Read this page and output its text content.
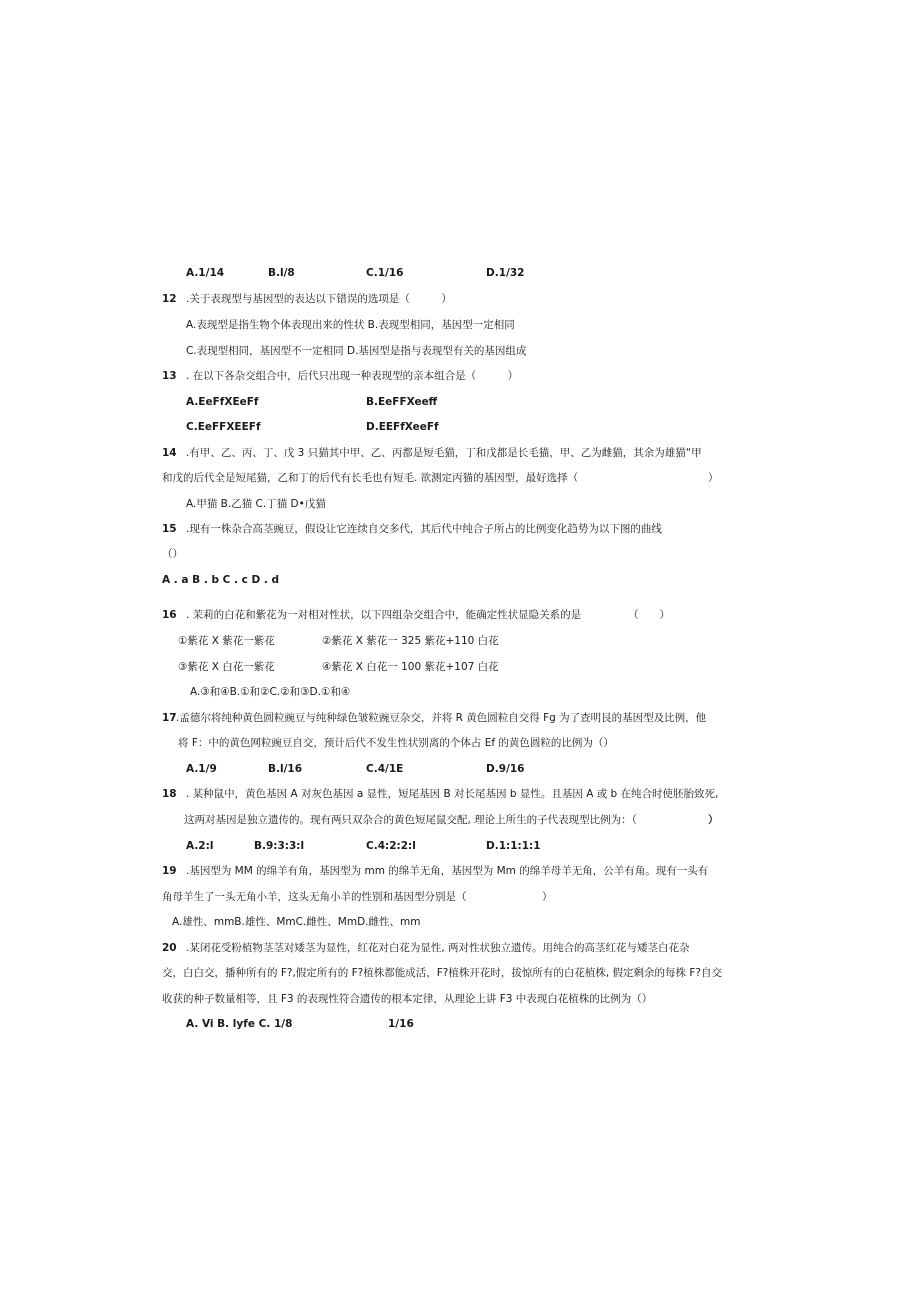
A.1/14	B.l/8	C.1/16	D.1/32
12 .关于表现型与基因型的表达以下错误的选项是（　　　）
A.表现型是指生物个体表现出来的性状 B.表现型相同，基因型一定相同
C.表现型相同，基因型不一定相同 D.基因型是指与表现型有关的基因组成
13 . 在以下各杂交组合中，后代只出现一种表现型的亲本组合是（　　　）
A.EeFfXEeFf	B.EeFFXeeff
C.EeFFXEEFf	D.EEFfXeeFf
14 .有甲、乙、丙、丁、戊 3 只猫其中甲、乙、丙都是短毛猫，丁和戊都是长毛猫，甲、乙为雌猫，其余为雄猫“甲
和戊的后代全是短尾猫，乙和丁的后代有长毛也有短毛. 欲测定丙猫的基因型，最好选择（	）
A.甲猫 B.乙猫 C.丁猫 D•戊猫
15 .现有一株杂合高茎豌豆，假设让它连续自交多代，其后代中纯合子所占的比例变化趋势为以下图的曲线
（）
A . a B . b C . c D . d
16 . 茉莉的白花和紫花为一对相对性状，以下四组杂交组合中，能确定性状显隐关系的是	（　　）
①紫花 X 紫花一紫花	②紫花 X 紫花一 325 紫花+110 白花
③紫花 X 白花一紫花	④紫花 X 白花一 100 紫花+107 白花
A.③和④B.①和②C.②和③D.①和④
17 .孟德尔将纯种黄色圆粒豌豆与纯种绿色皱粒豌豆杂交，并将 R 黄色圆粒自交得 Fg 为了查明艮的基因型及比例，他
将 F：中的黄色网粒豌豆自交，预计后代不发生性状别离的个体占 Ef 的黄色圆粒的比例为（）
A.1/9	B.l/16	C.4/1E	D.9/16
18 . 某种鼠中，黄色基因 A 对灰色基因 a 显性，短尾基因 B 对长尾基因 b 显性。且基因 A 或 b 在纯合时使胚胎致死,
这两对基因是独立遗传的。现有两只双杂合的黄色短尾鼠交配, 理论上所生的子代表现型比例为：（	）
A.2:l	B.9:3:3:l	C.4:2:2:l	D.1:1:1:1
19 .基因型为 MM 的绵羊有角，基因型为 mm 的绵羊无角，基因型为 Mm 的绵羊母羊无角，公羊有角。现有一头有
角母羊生了一头无角小羊，这头无角小羊的性别和基因型分别是（	）
A.雄性、mmB.雄性、MmC.雌性、MmD.雌性、mm
20 .某闭花受粉植物茎茎对矮茎为显性，红花对白花为显性, 两对性状独立遗传。用纯合的高茎红花与矮茎白花杂
交，白白交，播种所有的 F?,假定所有的 F?植株都能成活，F?植株开花时，拔惊所有的白花植株, 假定剩余的每株 F?自交
收获的种子数量相等，且 F3 的表现性符合遗传的根本定律，从理论上讲 F3 中表现白花植株的比例为（）
A. Vi B. lyfe C. 1/8	1/16
